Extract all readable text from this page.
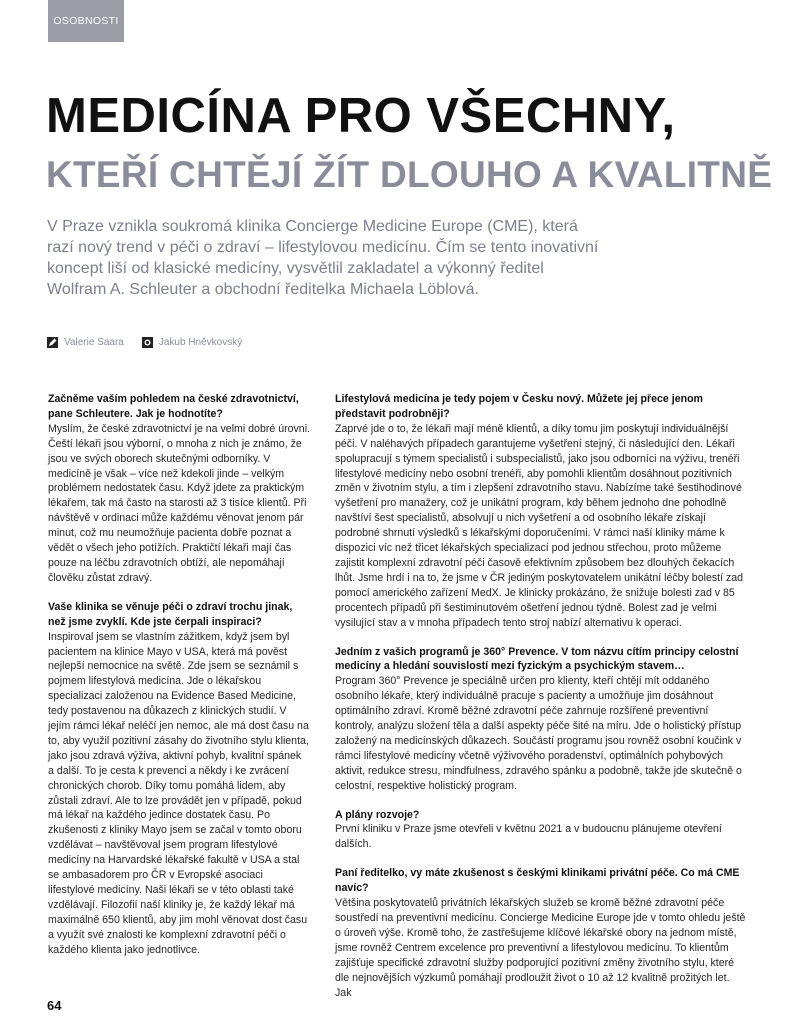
OSOBNOSTI
MEDICÍNA PRO VŠECHNY,
KTEŘÍ CHTĚJÍ ŽÍT DLOUHO A KVALITNĚ

V Praze vznikla soukromá klinika Concierge Medicine Europe (CME), která razí nový trend v péči o zdraví – lifestylovou medicínu. Čím se tento inovativní koncept liší od klasické medicíny, vysvětlil zakladatel a výkonný ředitel Wolfram A. Schleuter a obchodní ředitelka Michaela Löblová.

Valerie Saara	Jakub Hněvkovský

Začněme vaším pohledem na české zdravotnictví, pane Schleutere. Jak je hodnotíte?

Myslím, že české zdravotnictví je na velmi dobré úrovni. Čeští lékaři jsou výborní, o mnoha z nich je známo, že jsou ve svých oborech skutečnými odborníky. V medicíně je však – více než kdekoli jinde – velkým problémem nedostatek času. Když jdete za praktickým lékařem, tak má často na starosti až 3 tisíce klientů. Při návštěvě v ordinaci může každému věnovat jenom pár minut, což mu neumožňuje pacienta dobře poznat a vědět o všech jeho potížích. Praktičtí lékaři mají čas pouze na léčbu zdravotních obtíží, ale nepomáhají člověku zůstat zdravý.

Vaše klinika se věnuje péči o zdraví trochu jinak, než jsme zvyklí. Kde jste čerpali inspiraci?

Inspiroval jsem se vlastním zážitkem, když jsem byl pacientem na klinice Mayo v USA, která má pověst nejlepší nemocnice na světě. Zde jsem se seznámil s pojmem lifestylová medicína. Jde o lékařskou specializaci založenou na Evidence Based Medicine, tedy postavenou na důkazech z klinických studií. V jejím rámci lékař neléčí jen nemoc, ale má dost času na to, aby využil pozitivní zásahy do životního stylu klienta, jako jsou zdravá výživa, aktivní pohyb, kvalitní spánek a další. To je cesta k prevenci a někdy i ke zvrácení chronických chorob. Díky tomu pomáhá lidem, aby zůstali zdraví. Ale to lze provádět jen v případě, pokud má lékař na každého jedince dostatek času. Po zkušenosti z kliniky Mayo jsem se začal v tomto oboru vzdělávat – navštěvoval jsem program lifestylové medicíny na Harvardské lékařské fakultě v USA a stal se ambasadorem pro ČR v Evropské asociaci lifestylové medicíny. Naši lékaři se v této oblasti také vzdělávají. Filozofií naší kliniky je, že každý lékař má maximálně 650 klientů, aby jim mohl věnovat dost času a využít své znalosti ke komplexní zdravotní péči o každého klienta jako jednotlivce.

Lifestylová medicína je tedy pojem v Česku nový. Můžete jej přece jenom představit podrobněji?

Zaprvé jde o to, že lékaři mají méně klientů, a díky tomu jim poskytují individuálnější péči. V naléhavých případech garantujeme vyšetření stejný, či následující den. Lékaři spolupracují s týmem specialistů i subspecialistů, jako jsou odborníci na výživu, trenéři lifestylové medicíny nebo osobní trenéři, aby pomohli klientům dosáhnout pozitivních změn v životním stylu, a tím i zlepšení zdravotního stavu. Nabízíme také šestihodinové vyšetření pro manažery, což je unikátní program, kdy během jednoho dne pohodlně navštíví šest specialistů, absolvují u nich vyšetření a od osobního lékaře získají podrobné shrnutí výsledků s lékařskými doporučeními. V rámci naší kliniky máme k dispozici víc než třicet lékařských specializací pod jednou střechou, proto můžeme zajistit komplexní zdravotní péči časově efektivním způsobem bez dlouhých čekacích lhůt. Jsme hrdí i na to, že jsme v ČR jediným poskytovatelem unikátní léčby bolestí zad pomocí amerického zařízení MedX. Je klinicky prokázáno, že snižuje bolesti zad v 85 procentech případů při šestiminutovém ošetření jednou týdně. Bolest zad je velmi vysilující stav a v mnoha případech tento stroj nabízí alternativu k operaci.

Jedním z vašich programů je 360° Prevence. V tom názvu cítím principy celostní medicíny a hledání souvislostí mezi fyzickým a psychickým stavem…

Program 360° Prevence je speciálně určen pro klienty, kteří chtějí mít oddaného osobního lékaře, který individuálně pracuje s pacienty a umožňuje jim dosáhnout optimálního zdraví. Kromě běžné zdravotní péče zahrnuje rozšířené preventivní kontroly, analýzu složení těla a další aspekty péče šité na míru. Jde o holistický přístup založený na medicínských důkazech. Součástí programu jsou rovněž osobní koučink v rámci lifestylové medicíny včetně výživového poradenství, optimálních pohybových aktivit, redukce stresu, mindfulness, zdravého spánku a podobně, takže jde skutečně o celostní, respektive holistický program.

A plány rozvoje?

První kliniku v Praze jsme otevřeli v květnu 2021 a v budoucnu plánujeme otevření dalších.

Paní ředitelko, vy máte zkušenost s českými klinikami privátní péče. Co má CME navíc?

Většina poskytovatelů privátních lékařských služeb se kromě běžné zdravotní péče soustředí na preventivní medicínu. Concierge Medicine Europe jde v tomto ohledu ještě o úroveň výše. Kromě toho, že zastřešujeme klíčové lékařské obory na jednom místě, jsme rovněž Centrem excelence pro preventivní a lifestylovou medicínu. To klientům zajišťuje specifické zdravotní služby podporující pozitivní změny životního stylu, které dle nejnovějších výzkumů pomáhají prodloužit život o 10 až 12 kvalitně prožitých let. Jak

64
